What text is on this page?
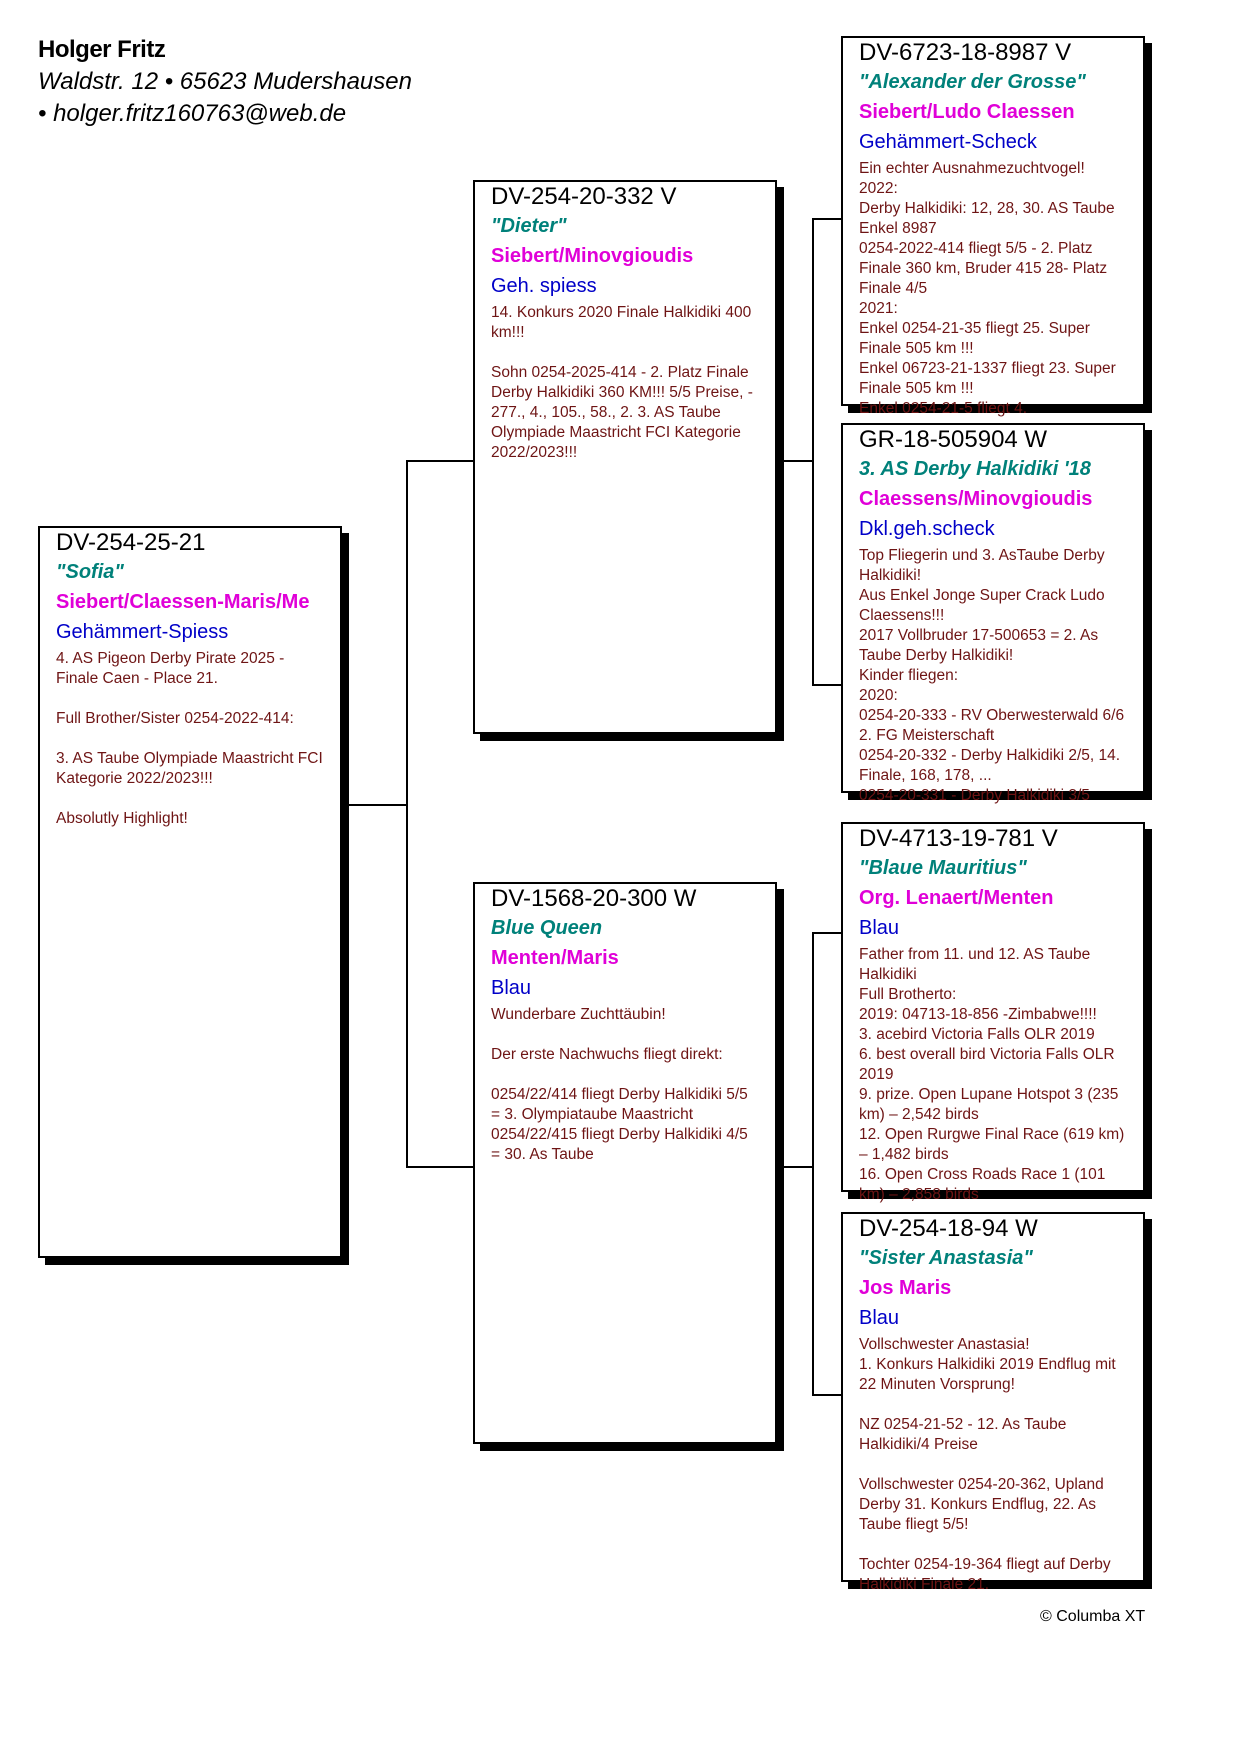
Holger Fritz
Waldstr. 12 • 65623 Mudershausen
• holger.fritz160763@web.de
DV-254-25-21
"Sofia"
Siebert/Claessen-Maris/Me
Gehämmert-Spiess
4. AS Pigeon Derby Pirate 2025 - Finale Caen - Place 21.

Full Brother/Sister 0254-2022-414:

3. AS Taube Olympiade Maastricht FCI Kategorie 2022/2023!!!

Absolutly Highlight!
DV-254-20-332 V
"Dieter"
Siebert/Minovgioudis
Geh. spiess
14. Konkurs 2020 Finale Halkidiki 400 km!!!

Sohn 0254-2025-414 - 2. Platz Finale Derby Halkidiki 360 KM!!! 5/5 Preise, - 277., 4., 105., 58., 2. 3. AS Taube Olympiade Maastricht FCI Kategorie 2022/2023!!!
DV-1568-20-300 W
Blue Queen
Menten/Maris
Blau
Wunderbare Zuchttäubin!

Der erste Nachwuchs fliegt direkt:

0254/22/414 fliegt Derby Halkidiki 5/5 = 3. Olympiataube Maastricht 0254/22/415 fliegt Derby Halkidiki 4/5 = 30. As Taube
DV-6723-18-8987 V
"Alexander der Grosse"
Siebert/Ludo Claessen
Gehämmert-Scheck
Ein echter Ausnahmezuchtvogel!
2022:
Derby Halkidiki: 12, 28, 30. AS Taube Enkel 8987
0254-2022-414 fliegt 5/5 - 2. Platz Finale 360 km, Bruder 415 28- Platz Finale 4/5
2021:
Enkel 0254-21-35 fliegt 25. Super Finale 505 km !!!
Enkel 06723-21-1337 fliegt 23. Super Finale 505 km !!!
Enkel 0254-21-5 fliegt 4.
GR-18-505904 W
3. AS Derby Halkidiki '18
Claessens/Minovgioudis
Dkl.geh.scheck
Top Fliegerin und 3. AsTaube Derby Halkidiki!
Aus Enkel Jonge Super Crack Ludo Claessens!!!
2017 Vollbruder 17-500653 = 2. As Taube Derby Halkidiki!
Kinder fliegen:
2020:
0254-20-333 - RV Oberwesterwald 6/6 2. FG Meisterschaft
0254-20-332 - Derby Halkidiki 2/5, 14. Finale, 168, 178, ...
0254-20-331 - Derby Halkidiki 3/5
DV-4713-19-781 V
"Blaue Mauritius"
Org. Lenaert/Menten
Blau
Father from 11. und 12. AS Taube Halkidiki
Full Brotherto:
2019: 04713-18-856 -Zimbabwe!!!!
3. acebird Victoria Falls OLR 2019
6. best overall bird Victoria Falls OLR 2019
9. prize. Open Lupane Hotspot 3 (235 km) – 2,542 birds
12. Open Rurgwe Final Race (619 km) – 1,482 birds
16. Open Cross Roads Race 1 (101 km) – 2,858 birds
DV-254-18-94 W
"Sister Anastasia"
Jos Maris
Blau
Vollschwester Anastasia!
1. Konkurs Halkidiki 2019 Endflug mit 22 Minuten Vorsprung!

NZ 0254-21-52 - 12. As Taube Halkidiki/4 Preise

Vollschwester 0254-20-362, Upland Derby 31. Konkurs Endflug, 22. As Taube fliegt 5/5!

Tochter 0254-19-364 fliegt auf Derby Halkidiki Finale 21.
© Columba XT
